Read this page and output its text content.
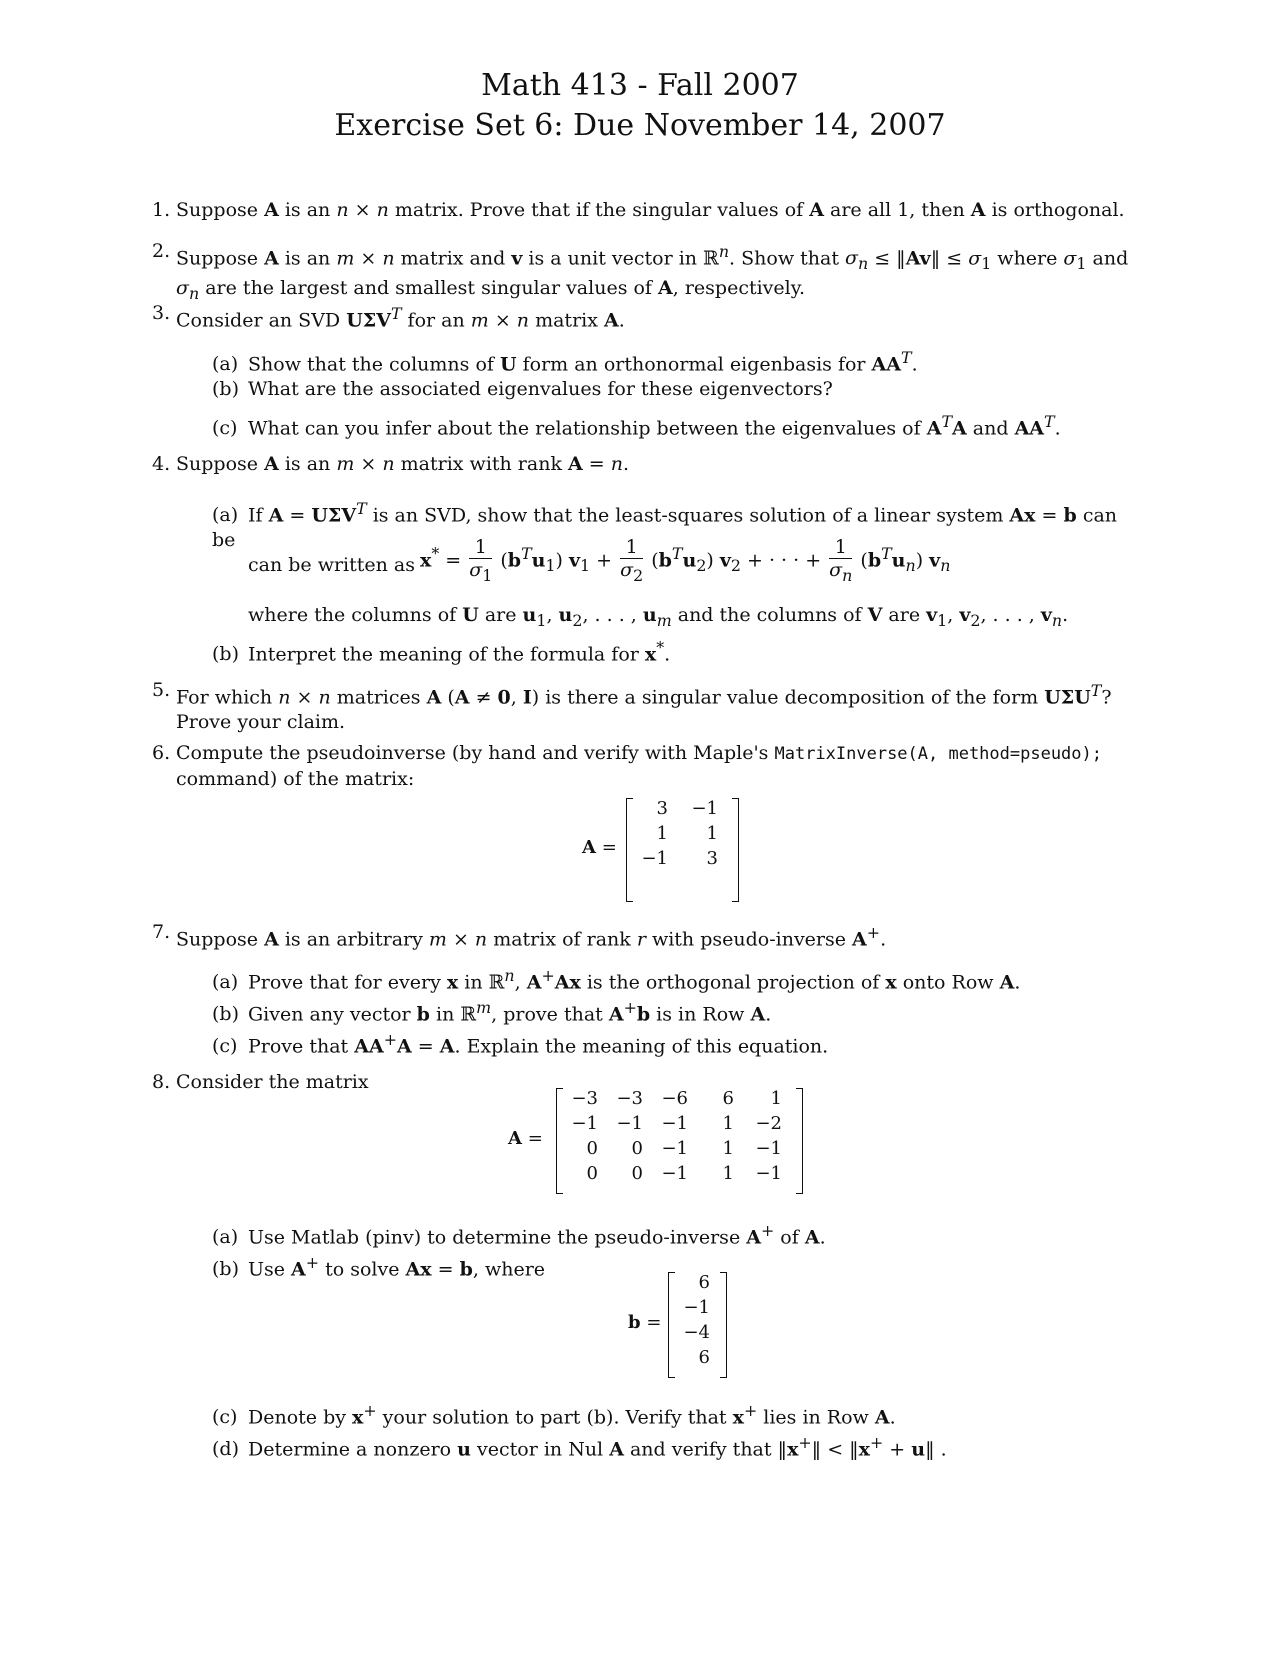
Math 413 - Fall 2007
Exercise Set 6: Due November 14, 2007
1. Suppose A is an n × n matrix. Prove that if the singular values of A are all 1, then A is orthogonal.
2. Suppose A is an m × n matrix and v is a unit vector in ℝ$^n$. Show that $\sigma_n$ ≤ ‖Av‖ ≤ $\sigma_1$ where $\sigma_1$ and
$\sigma_n$ are the largest and smallest singular values of A, respectively.
3. Consider an SVD $U\Sigma V^T$ for an m × n matrix A.
(a) Show that the columns of U form an orthonormal eigenbasis for $AA^T$.
(b) What are the associated eigenvalues for these eigenvectors?
(c) What can you infer about the relationship between the eigenvalues of $A^TA$ and $AA^T$.
4. Suppose A is an m × n matrix with rank A = n.
(a) If $A = U\Sigma V^T$ is an SVD, show that the least-squares solution of a linear system Ax = b can be

can be written as $x^* = \frac{1}{\sigma_1} (b^Tu_1) v_1 + \frac{1}{\sigma_2} (b^Tu_2) v_2$ + · · · + $\frac{1}{\sigma_n} (b^Tu_n)$ $v_n$
where the columns of U are $u_1$, $u_2$, . . . , $u_m$ and the columns of V are $v_1$, $v_2$, . . . , $v_n$.
(b) Interpret the meaning of the formula for x*.
5. For which n × n matrices A (A ≠ 0, I) is there a singular value decomposition of the form $U\Sigma U^T$?
Prove your claim.
6. Compute the pseudoinverse (by hand and verify with Maple's MatrixInverse(A, method=pseudo);
command) of the matrix:
A =
3	−1
1	1
−1	3
7. Suppose A is an arbitrary m × n matrix of rank r with pseudo-inverse A+.
(a) Prove that for every x in ℝ$^n$, A+Ax is the orthogonal projection of x onto Row A.
(b) Given any vector b in ℝ$^m$, prove that A+b is in Row A.
(c) Prove that AA+A = A. Explain the meaning of this equation.
8. Consider the matrix
A =
−3	−3	−6	6	1
−1	−1	−1	1	−2
0	0	−1	1	−1
0	0	−1	1	−1
(a) Use Matlab (pinv) to determine the pseudo-inverse A+ of A.
(b) Use A+ to solve Ax = b, where
b =
6
−1
−4
6
(c) Denote by x+ your solution to part (b). Verify that x+ lies in Row A.
(d) Determine a nonzero u vector in Nul A and verify that ‖x+‖ < ‖x+ + u‖ .
